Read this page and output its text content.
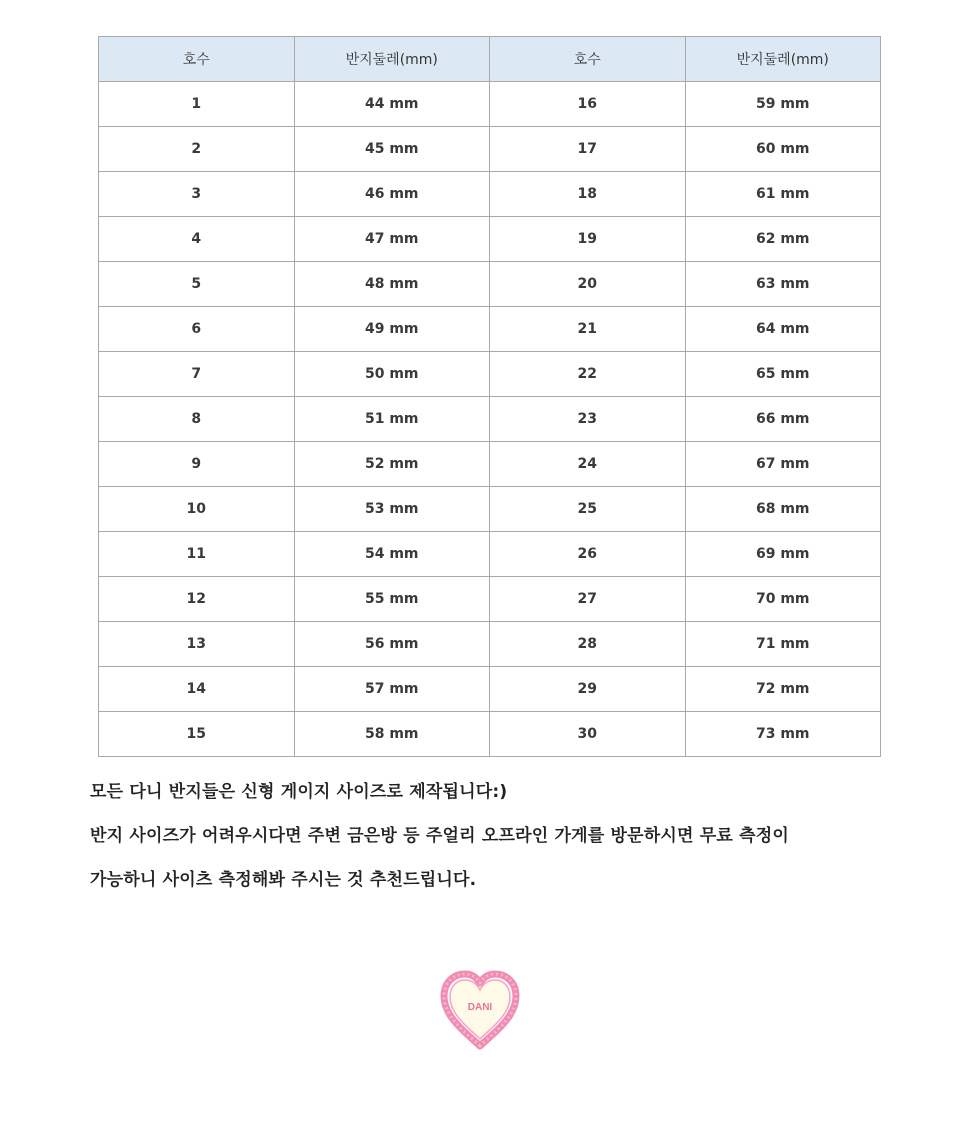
호수	반지둘레(mm)	호수	반지둘레(mm)
1	44 mm	16	59 mm
2	45 mm	17	60 mm
3	46 mm	18	61 mm
4	47 mm	19	62 mm
5	48 mm	20	63 mm
6	49 mm	21	64 mm
7	50 mm	22	65 mm
8	51 mm	23	66 mm
9	52 mm	24	67 mm
10	53 mm	25	68 mm
11	54 mm	26	69 mm
12	55 mm	27	70 mm
13	56 mm	28	71 mm
14	57 mm	29	72 mm
15	58 mm	30	73 mm
모든 다니 반지들은 신형 게이지 사이즈로 제작됩니다:)
반지 사이즈가 어려우시다면 주변 금은방 등 주얼리 오프라인 가게를 방문하시면 무료 측정이
가능하니 사이츠 측정해봐 주시는 것 추천드립니다.
DANI
